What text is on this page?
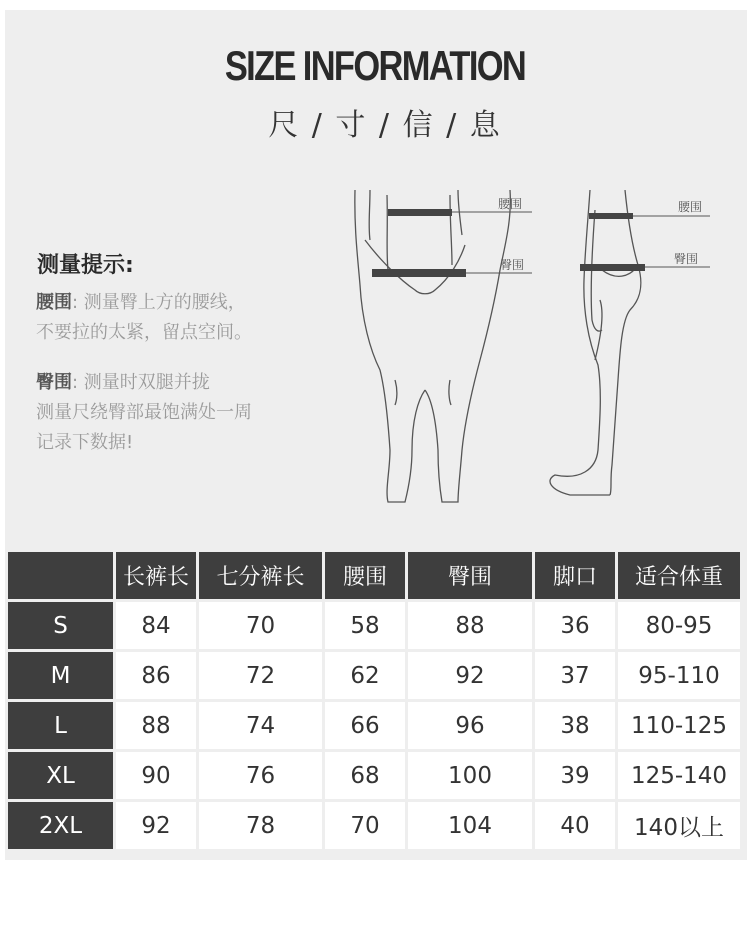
SIZE INFORMATION
尺 / 寸 / 信 / 息
测量提示:
腰围: 测量臀上方的腰线，
不要拉的太紧，留点空间。
臀围: 测量时双腿并拢
测量尺绕臀部最饱满处一周
记录下数据!
腰围
臀围
腰围
臀围
	长裤长	七分裤长	腰围	臀围	脚口	适合体重
S	84	70	58	88	36	80-95
M	86	72	62	92	37	95-110
L	88	74	66	96	38	110-125
XL	90	76	68	100	39	125-140
2XL	92	78	70	104	40	140以上
